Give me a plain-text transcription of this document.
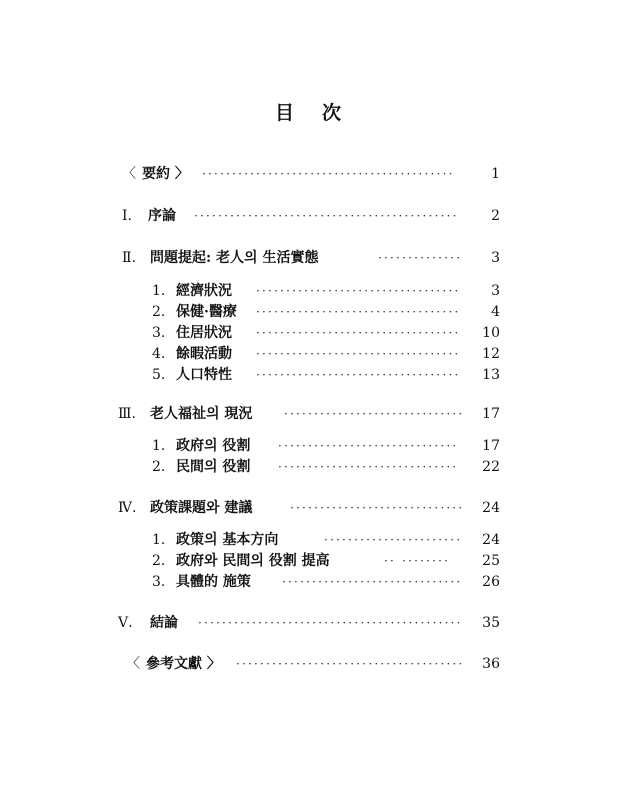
目 次
〈 要約 〉 ··········································	1
Ⅰ. 序論 ············································	2
Ⅱ. 問題提起: 老人의 生活實態	··············	3
1. 經濟狀況 ··································	3
2. 保健·醫療 ··································	4
3. 住居狀況 ··································	10
4. 餘暇活動 ··································	12
5. 人口特性 ··································	13
Ⅲ. 老人福祉의 現況	······························	17
1. 政府의 役割 ······························	17
2. 民間의 役割 ······························	22
Ⅳ. 政策課題와 建議	·····························	24
1. 政策의 基本方向	·······················	24
2. 政府와 民間의 役割 提高	·· ········	25
3. 具體的 施策	······························	26
Ⅴ. 結論 ············································	35
〈 參考文獻 〉 ······································	36
